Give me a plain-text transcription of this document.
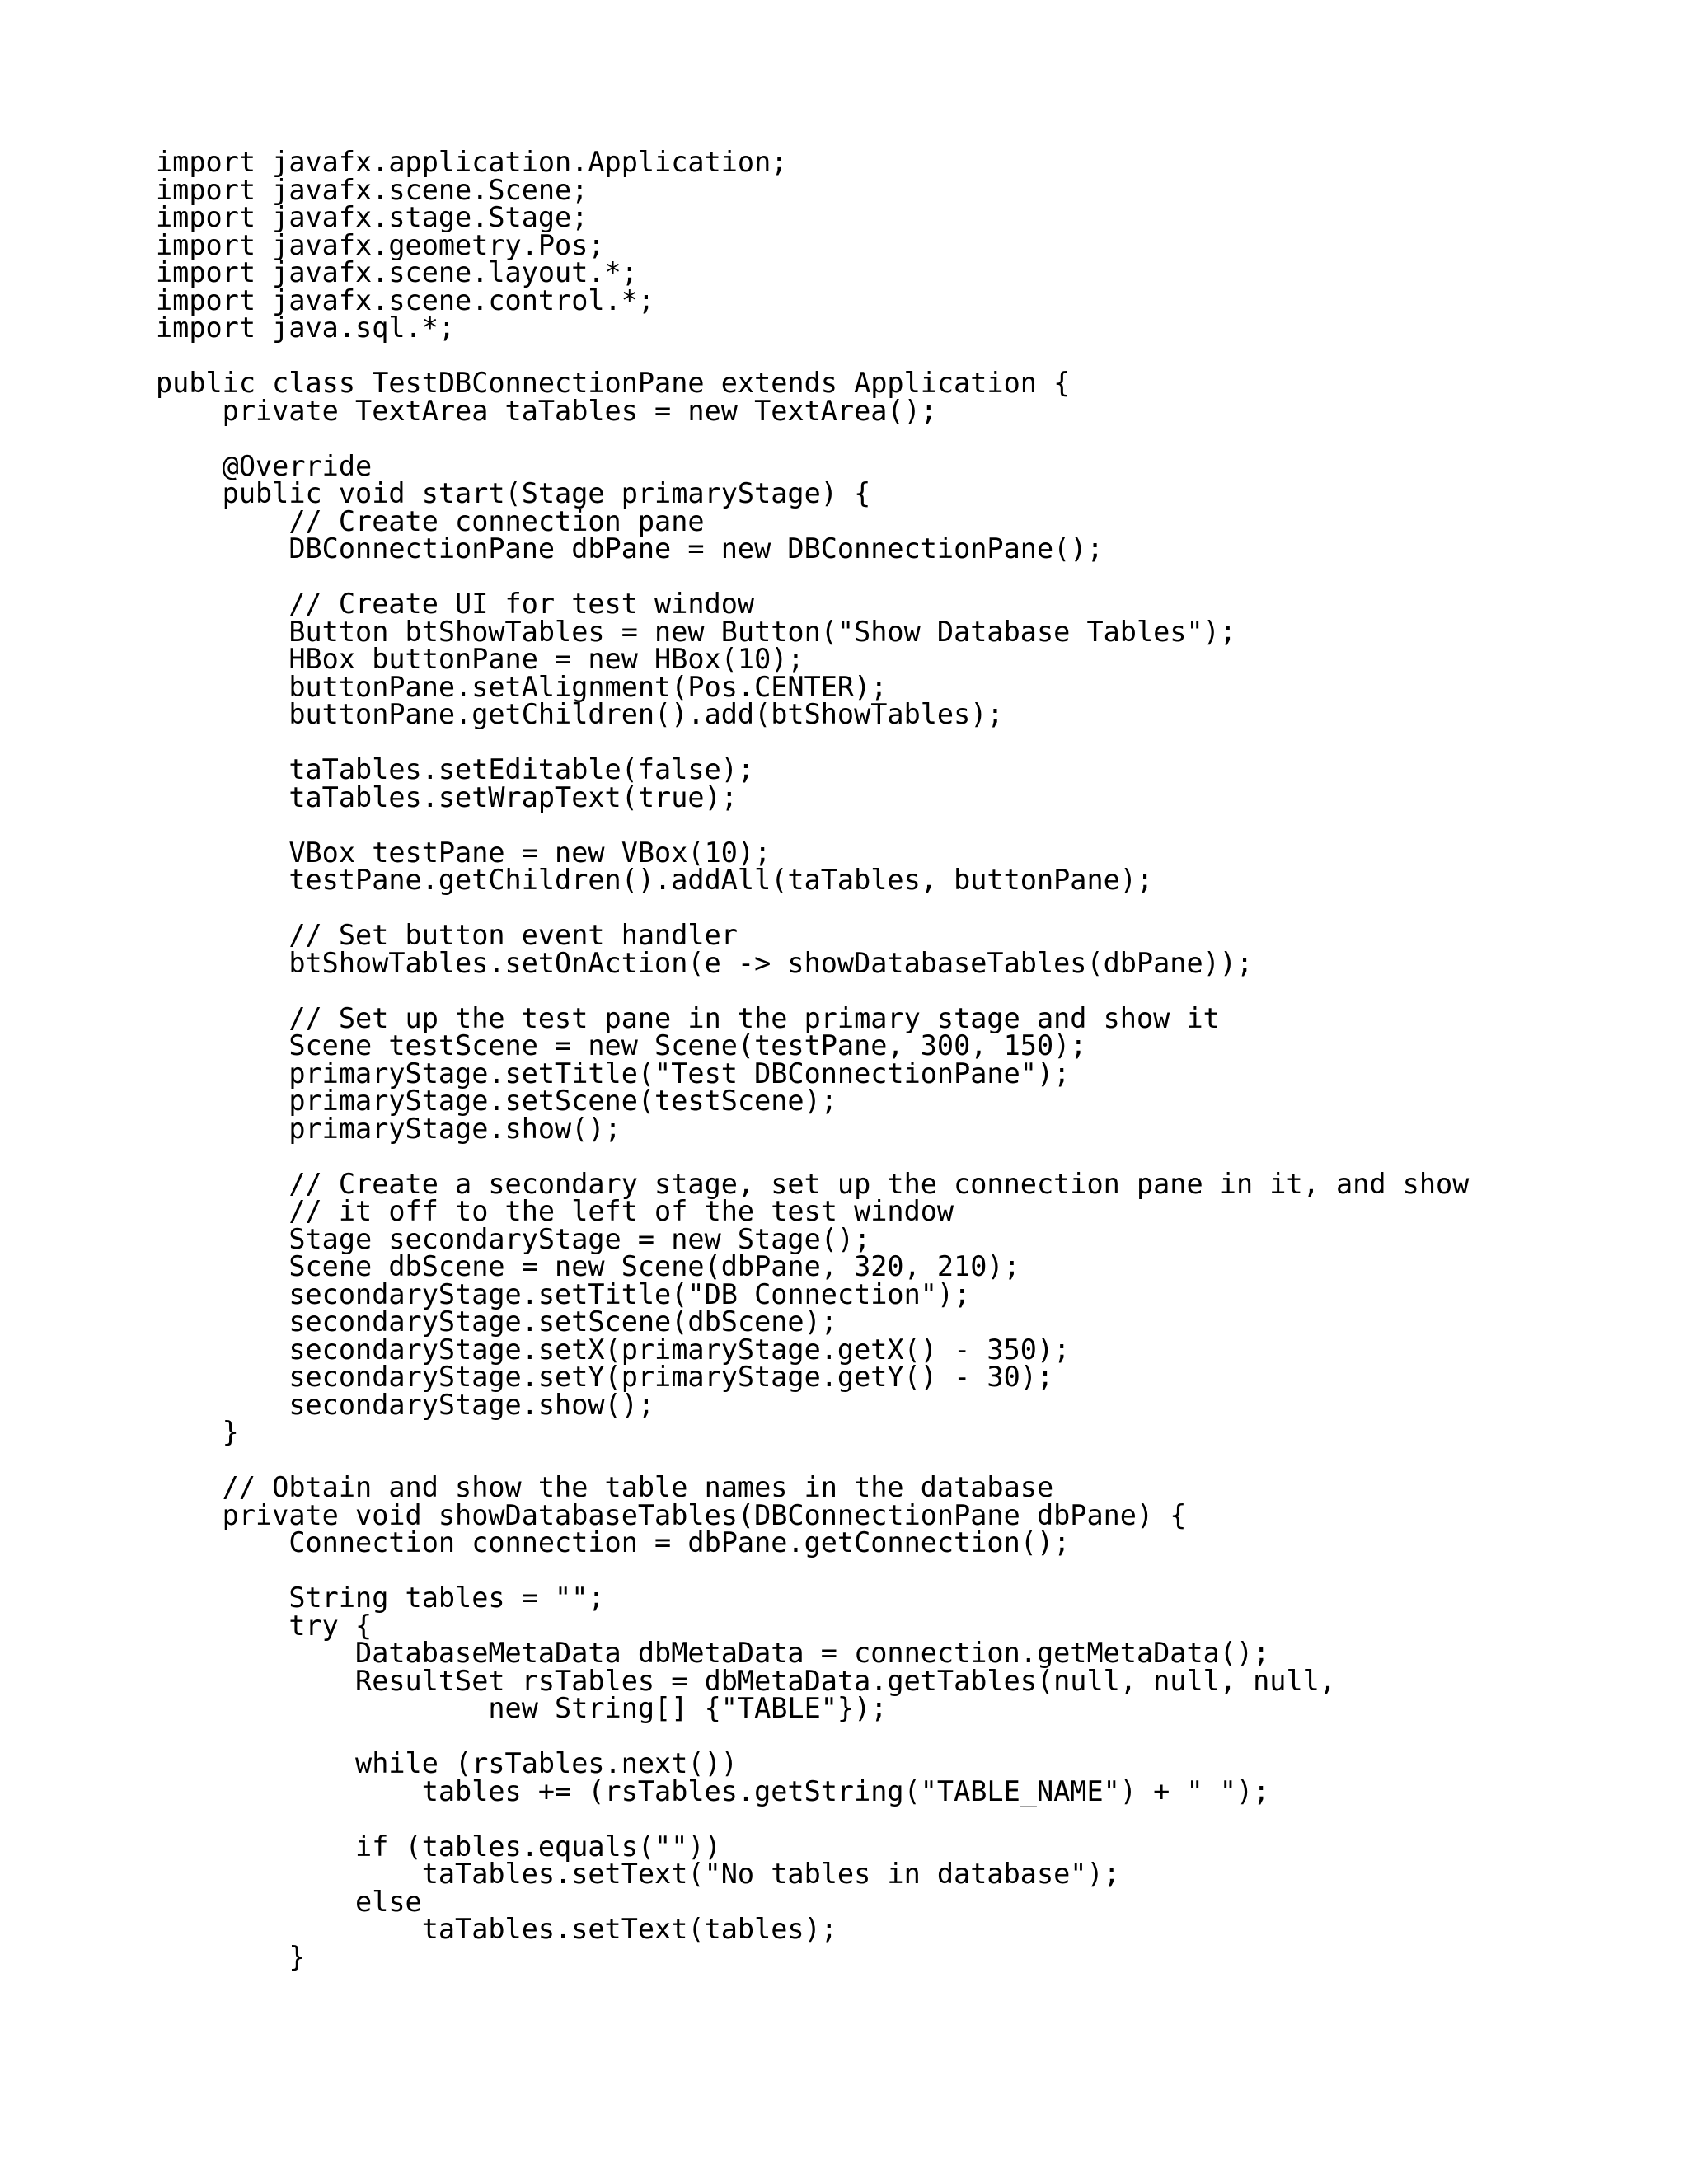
import javafx.application.Application;
import javafx.scene.Scene;
import javafx.stage.Stage;
import javafx.geometry.Pos;
import javafx.scene.layout.*;
import javafx.scene.control.*;
import java.sql.*;
public class TestDBConnectionPane extends Application {
private TextArea taTables = new TextArea();
@Override
public void start(Stage primaryStage) {
// Create connection pane
DBConnectionPane dbPane = new DBConnectionPane();
// Create UI for test window
Button btShowTables = new Button("Show Database Tables");
HBox buttonPane = new HBox(10);
buttonPane.setAlignment(Pos.CENTER);
buttonPane.getChildren().add(btShowTables);
taTables.setEditable(false);
taTables.setWrapText(true);
VBox testPane = new VBox(10);
testPane.getChildren().addAll(taTables, buttonPane);
// Set button event handler
btShowTables.setOnAction(e -> showDatabaseTables(dbPane));
// Set up the test pane in the primary stage and show it
Scene testScene = new Scene(testPane, 300, 150);
primaryStage.setTitle("Test DBConnectionPane");
primaryStage.setScene(testScene);
primaryStage.show();
// Create a secondary stage, set up the connection pane in it, and show
// it off to the left of the test window
Stage secondaryStage = new Stage();
Scene dbScene = new Scene(dbPane, 320, 210);
secondaryStage.setTitle("DB Connection");
secondaryStage.setScene(dbScene);
secondaryStage.setX(primaryStage.getX() - 350);
secondaryStage.setY(primaryStage.getY() - 30);
secondaryStage.show();
}
// Obtain and show the table names in the database
private void showDatabaseTables(DBConnectionPane dbPane) {
Connection connection = dbPane.getConnection();
String tables = "";
try {
DatabaseMetaData dbMetaData = connection.getMetaData();
ResultSet rsTables = dbMetaData.getTables(null, null, null,
new String[] {"TABLE"});
while (rsTables.next())
tables += (rsTables.getString("TABLE_NAME") + " ");
if (tables.equals(""))
taTables.setText("No tables in database");
else
taTables.setText(tables);
}
